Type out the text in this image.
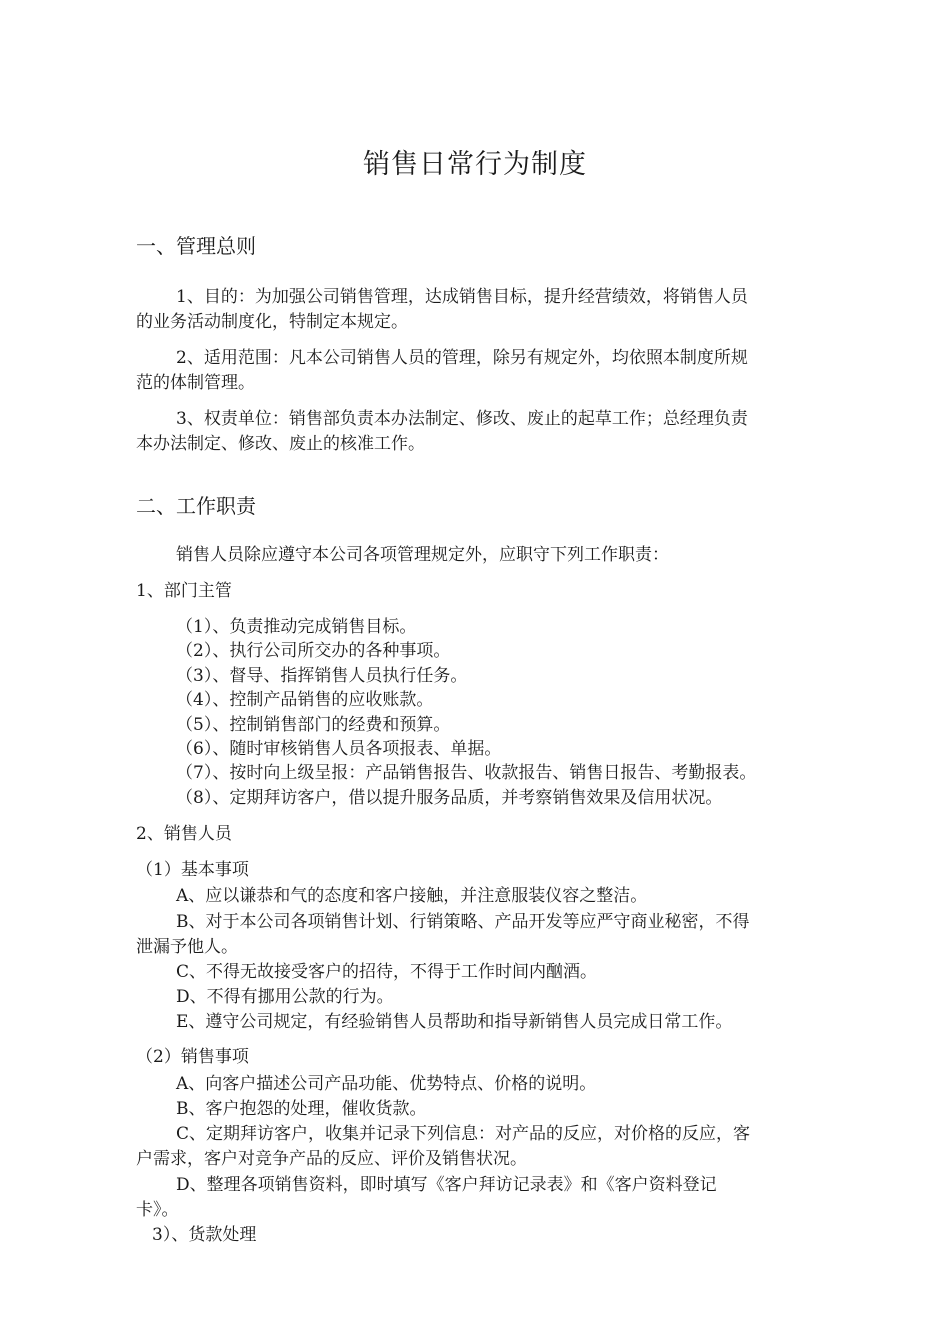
销售日常行为制度
一、管理总则
1、目的：为加强公司销售管理，达成销售目标，提升经营绩效，将销售人员
的业务活动制度化，特制定本规定。
2、适用范围：凡本公司销售人员的管理，除另有规定外，均依照本制度所规
范的体制管理。
3、权责单位：销售部负责本办法制定、修改、废止的起草工作；总经理负责
本办法制定、修改、废止的核准工作。
二、工作职责
销售人员除应遵守本公司各项管理规定外，应职守下列工作职责：
1、部门主管
（1）、负责推动完成销售目标。
（2）、执行公司所交办的各种事项。
（3）、督导、指挥销售人员执行任务。
（4）、控制产品销售的应收账款。
（5）、控制销售部门的经费和预算。
（6）、随时审核销售人员各项报表、单据。
（7）、按时向上级呈报：产品销售报告、收款报告、销售日报告、考勤报表。
（8）、定期拜访客户，借以提升服务品质，并考察销售效果及信用状况。
2、销售人员
（1）基本事项
A、应以谦恭和气的态度和客户接触，并注意服装仪容之整洁。
B、对于本公司各项销售计划、行销策略、产品开发等应严守商业秘密，不得
泄漏予他人。
C、不得无故接受客户的招待，不得于工作时间内酗酒。
D、不得有挪用公款的行为。
E、遵守公司规定，有经验销售人员帮助和指导新销售人员完成日常工作。
（2）销售事项
A、向客户描述公司产品功能、优势特点、价格的说明。
B、客户抱怨的处理，催收货款。
C、定期拜访客户，收集并记录下列信息：对产品的反应，对价格的反应，客
户需求，客户对竞争产品的反应、评价及销售状况。
D、整理各项销售资料，即时填写《客户拜访记录表》和《客户资料登记
卡》。
3）、货款处理
